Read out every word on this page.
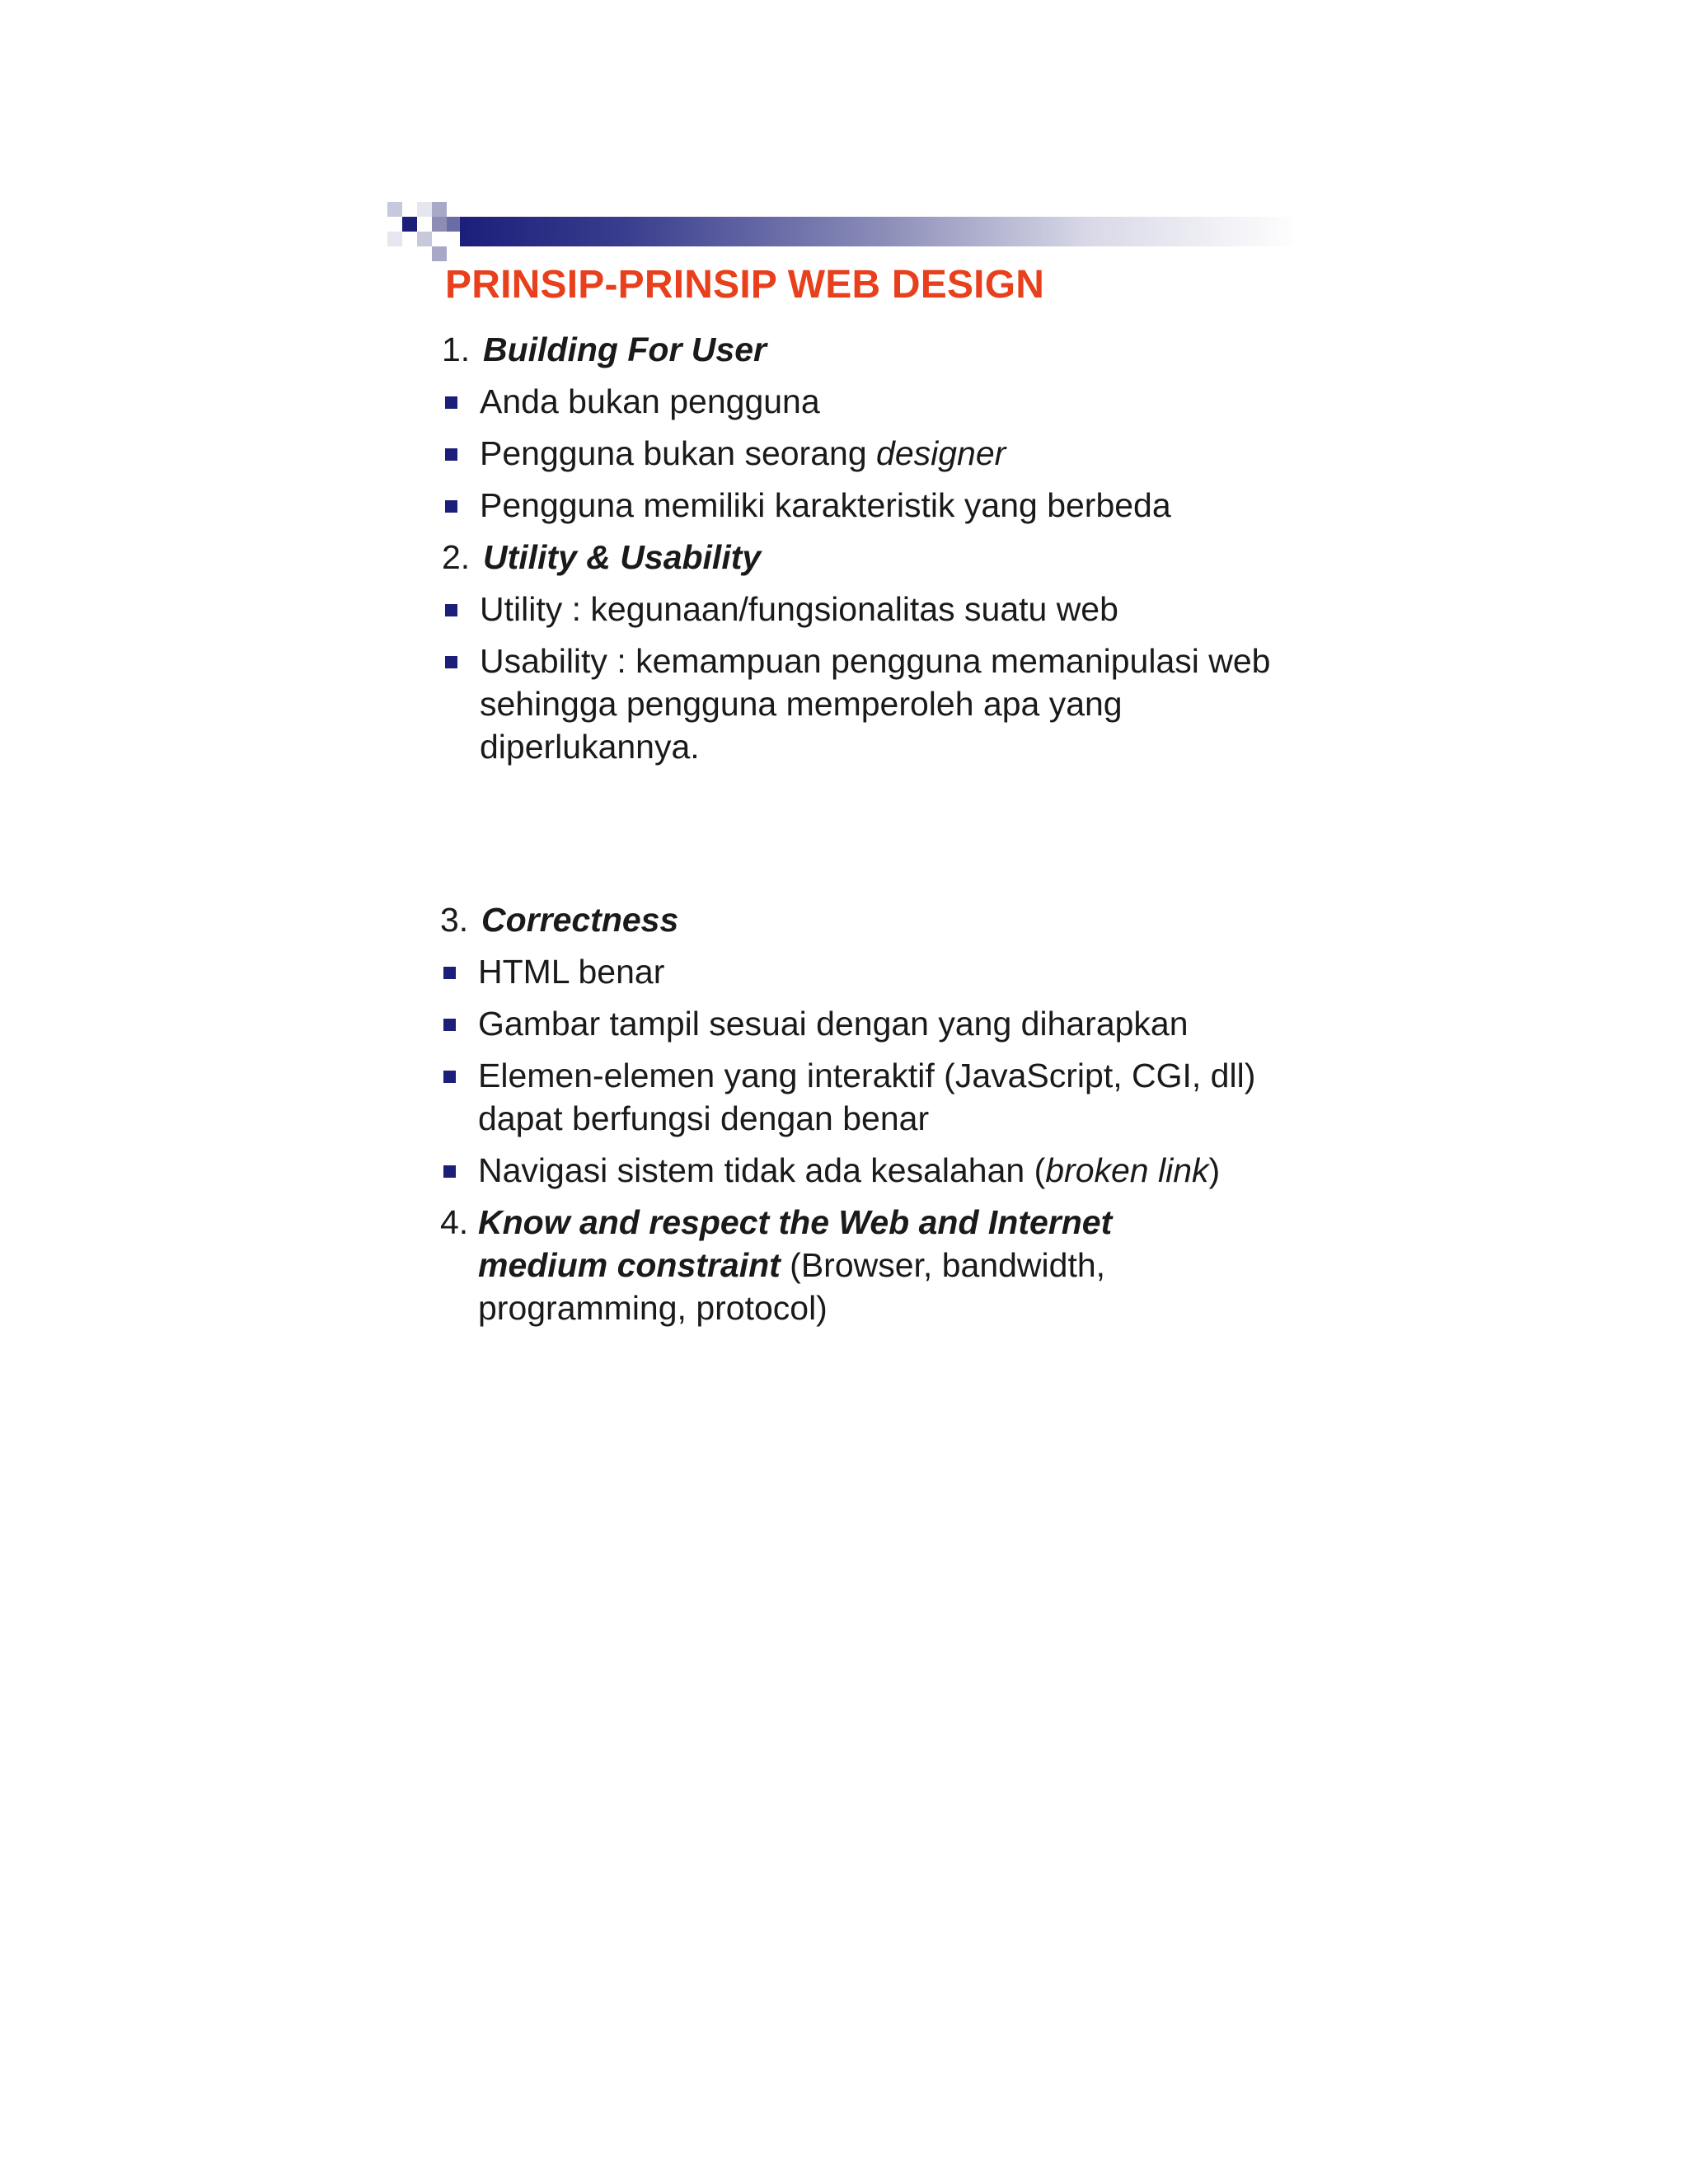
PRINSIP-PRINSIP WEB DESIGN
1. Building For User
Anda bukan pengguna
Pengguna bukan seorang designer
Pengguna memiliki karakteristik yang berbeda
2. Utility & Usability
Utility : kegunaan/fungsionalitas suatu web
Usability : kemampuan pengguna memanipulasi web sehingga pengguna memperoleh apa yang diperlukannya.
3. Correctness
HTML benar
Gambar tampil sesuai dengan yang diharapkan
Elemen-elemen yang interaktif (JavaScript, CGI, dll) dapat berfungsi dengan benar
Navigasi sistem tidak ada kesalahan (broken link)
4. Know and respect the Web and Internet medium constraint (Browser, bandwidth, programming, protocol)
